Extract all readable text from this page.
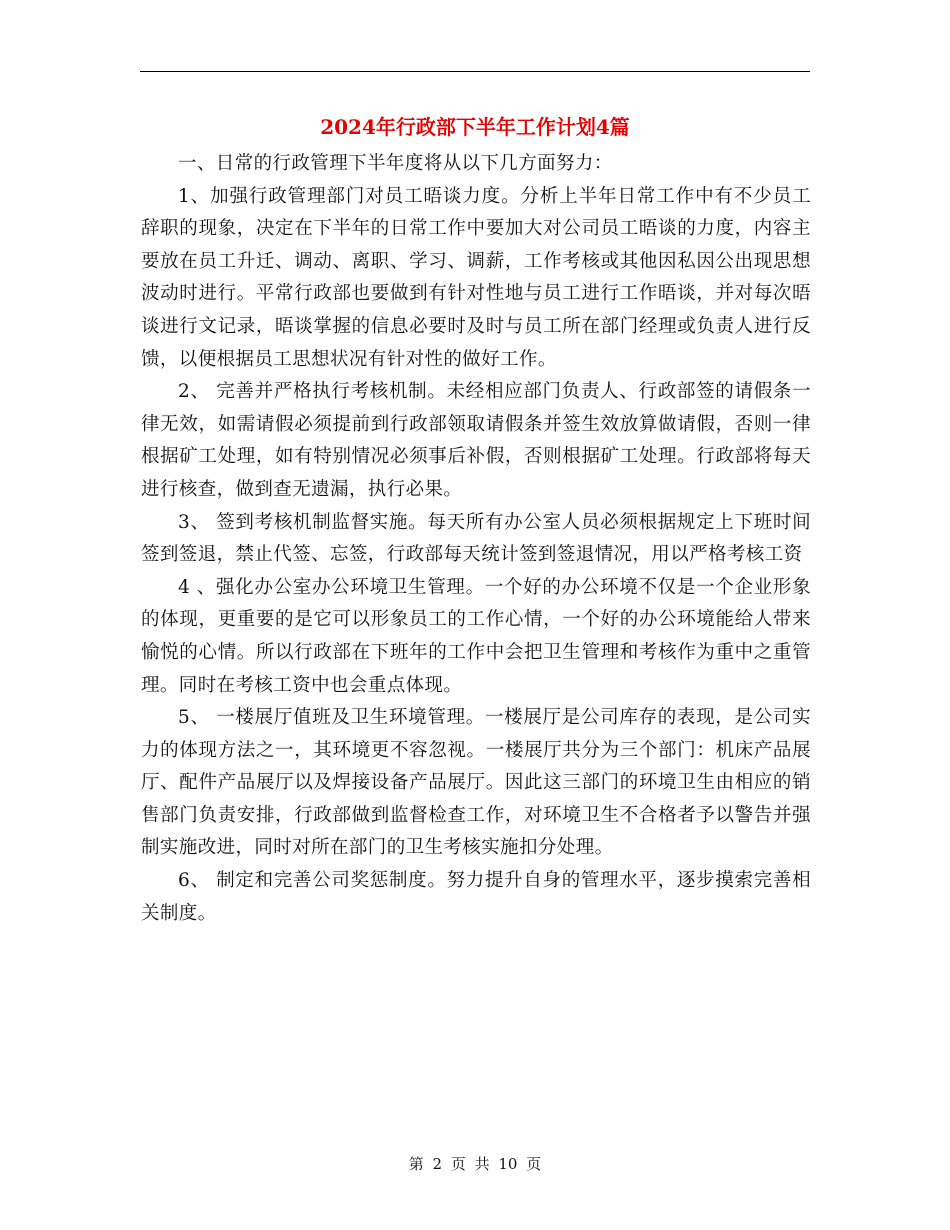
2024年行政部下半年工作计划4篇

一、日常的行政管理下半年度将从以下几方面努力：

1、加强行政管理部门对员工晤谈力度。分析上半年日常工作中有不少员工辞职的现象，决定在下半年的日常工作中要加大对公司员工晤谈的力度，内容主要放在员工升迁、调动、离职、学习、调薪，工作考核或其他因私因公出现思想波动时进行。平常行政部也要做到有针对性地与员工进行工作晤谈，并对每次晤谈进行文记录，晤谈掌握的信息必要时及时与员工所在部门经理或负责人进行反馈，以便根据员工思想状况有针对性的做好工作。

2、 完善并严格执行考核机制。未经相应部门负责人、行政部签的请假条一律无效，如需请假必须提前到行政部领取请假条并签生效放算做请假，否则一律根据矿工处理，如有特别情况必须事后补假，否则根据矿工处理。行政部将每天进行核查，做到查无遗漏，执行必果。

3、 签到考核机制监督实施。每天所有办公室人员必须根据规定上下班时间签到签退，禁止代签、忘签，行政部每天统计签到签退情况，用以严格考核工资

4 、强化办公室办公环境卫生管理。一个好的办公环境不仅是一个企业形象的体现，更重要的是它可以形象员工的工作心情，一个好的办公环境能给人带来愉悦的心情。所以行政部在下班年的工作中会把卫生管理和考核作为重中之重管理。同时在考核工资中也会重点体现。

5、 一楼展厅值班及卫生环境管理。一楼展厅是公司库存的表现，是公司实力的体现方法之一，其环境更不容忽视。一楼展厅共分为三个部门：机床产品展厅、配件产品展厅以及焊接设备产品展厅。因此这三部门的环境卫生由相应的销售部门负责安排，行政部做到监督检查工作，对环境卫生不合格者予以警告并强制实施改进，同时对所在部门的卫生考核实施扣分处理。

6、 制定和完善公司奖惩制度。努力提升自身的管理水平，逐步摸索完善相关制度。

第 2 页 共 10 页
